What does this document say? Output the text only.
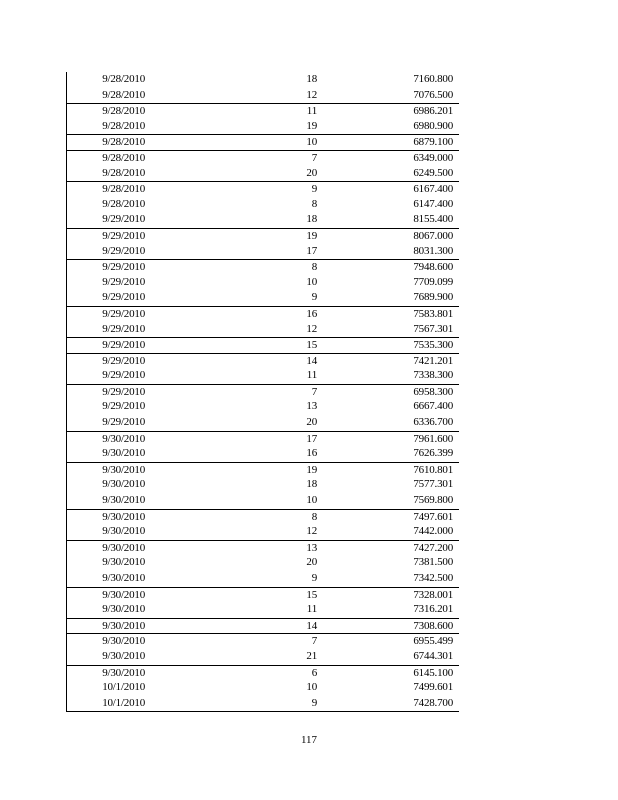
9/28/2010	18	7160.800
9/28/2010	12	7076.500
9/28/2010	11	6986.201
9/28/2010	19	6980.900
9/28/2010	10	6879.100
9/28/2010	7	6349.000
9/28/2010	20	6249.500
9/28/2010	9	6167.400
9/28/2010	8	6147.400
9/29/2010	18	8155.400
9/29/2010	19	8067.000
9/29/2010	17	8031.300
9/29/2010	8	7948.600
9/29/2010	10	7709.099
9/29/2010	9	7689.900
9/29/2010	16	7583.801
9/29/2010	12	7567.301
9/29/2010	15	7535.300
9/29/2010	14	7421.201
9/29/2010	11	7338.300
9/29/2010	7	6958.300
9/29/2010	13	6667.400
9/29/2010	20	6336.700
9/30/2010	17	7961.600
9/30/2010	16	7626.399
9/30/2010	19	7610.801
9/30/2010	18	7577.301
9/30/2010	10	7569.800
9/30/2010	8	7497.601
9/30/2010	12	7442.000
9/30/2010	13	7427.200
9/30/2010	20	7381.500
9/30/2010	9	7342.500
9/30/2010	15	7328.001
9/30/2010	11	7316.201
9/30/2010	14	7308.600
9/30/2010	7	6955.499
9/30/2010	21	6744.301
9/30/2010	6	6145.100
10/1/2010	10	7499.601
10/1/2010	9	7428.700
117
